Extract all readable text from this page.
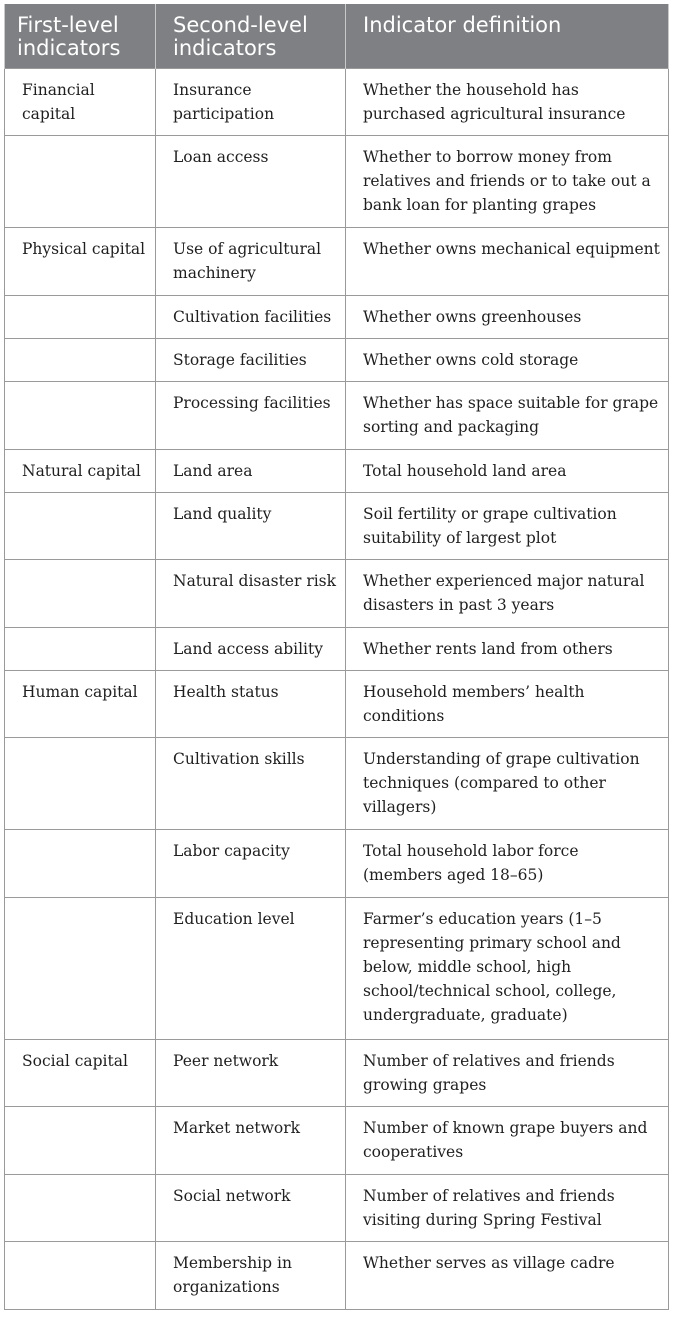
First-level indicators	Second-level indicators	Indicator definition
Financial capital	Insurance participation	Whether the household has purchased agricultural insurance
	Loan access	Whether to borrow money from relatives and friends or to take out a bank loan for planting grapes
Physical capital	Use of agricultural machinery	Whether owns mechanical equipment
	Cultivation facilities	Whether owns greenhouses
	Storage facilities	Whether owns cold storage
	Processing facilities	Whether has space suitable for grape sorting and packaging
Natural capital	Land area	Total household land area
	Land quality	Soil fertility or grape cultivation suitability of largest plot
	Natural disaster risk	Whether experienced major natural disasters in past 3 years
	Land access ability	Whether rents land from others
Human capital	Health status	Household members’ health conditions
	Cultivation skills	Understanding of grape cultivation techniques (compared to other villagers)
	Labor capacity	Total household labor force (members aged 18–65)
	Education level	Farmer’s education years (1–5 representing primary school and below, middle school, high school/technical school, college, undergraduate, graduate)
Social capital	Peer network	Number of relatives and friends growing grapes
	Market network	Number of known grape buyers and cooperatives
	Social network	Number of relatives and friends visiting during Spring Festival
	Membership in organizations	Whether serves as village cadre
